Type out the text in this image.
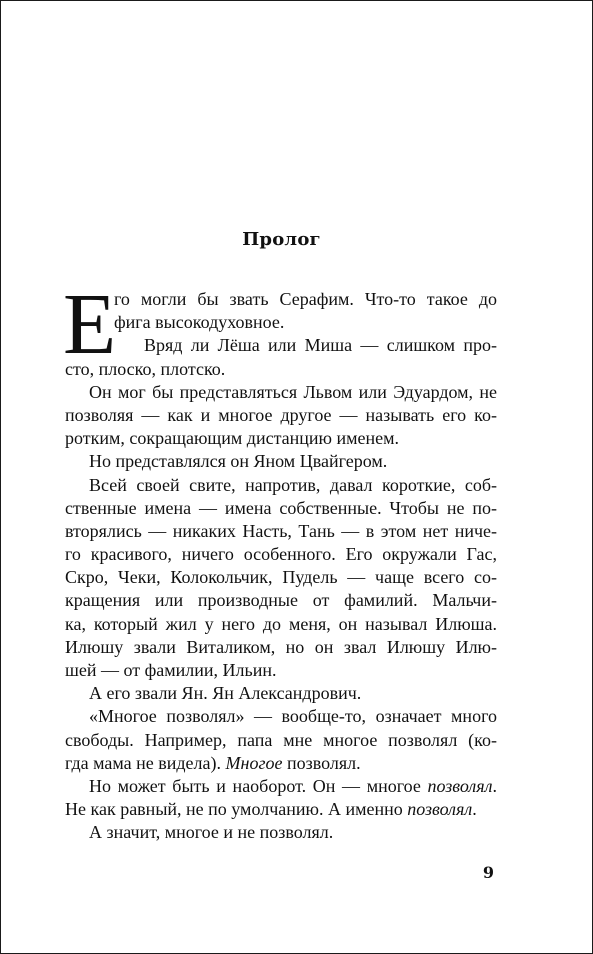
Пролог
Е
го могли бы звать Серафим. Что-то такое до
фига высокодуховное.
Вряд ли Лёша или Миша — слишком про-
сто, плоско, плотско.
Он мог бы представляться Львом или Эдуардом, не
позволяя — как и многое другое — называть его ко-
ротким, сокращающим дистанцию именем.
Но представлялся он Яном Цвайгером.
Всей своей свите, напротив, давал короткие, соб-
ственные имена — имена собственные. Чтобы не по-
вторялись — никаких Насть, Тань — в этом нет ниче-
го красивого, ничего особенного. Его окружали Гас,
Скро, Чеки, Колокольчик, Пудель — чаще всего со-
кращения или производные от фамилий. Мальчи-
ка, который жил у него до меня, он называл Илюша.
Илюшу звали Виталиком, но он звал Илюшу Илю-
шей — от фамилии, Ильин.
А его звали Ян. Ян Александрович.
«Многое позволял» — вообще-то, означает много
свободы. Например, папа мне многое позволял (ко-
гда мама не видела). Многое позволял.
Но может быть и наоборот. Он — многое позволял.
Не как равный, не по умолчанию. А именно позволял.
А значит, многое и не позволял.
9
